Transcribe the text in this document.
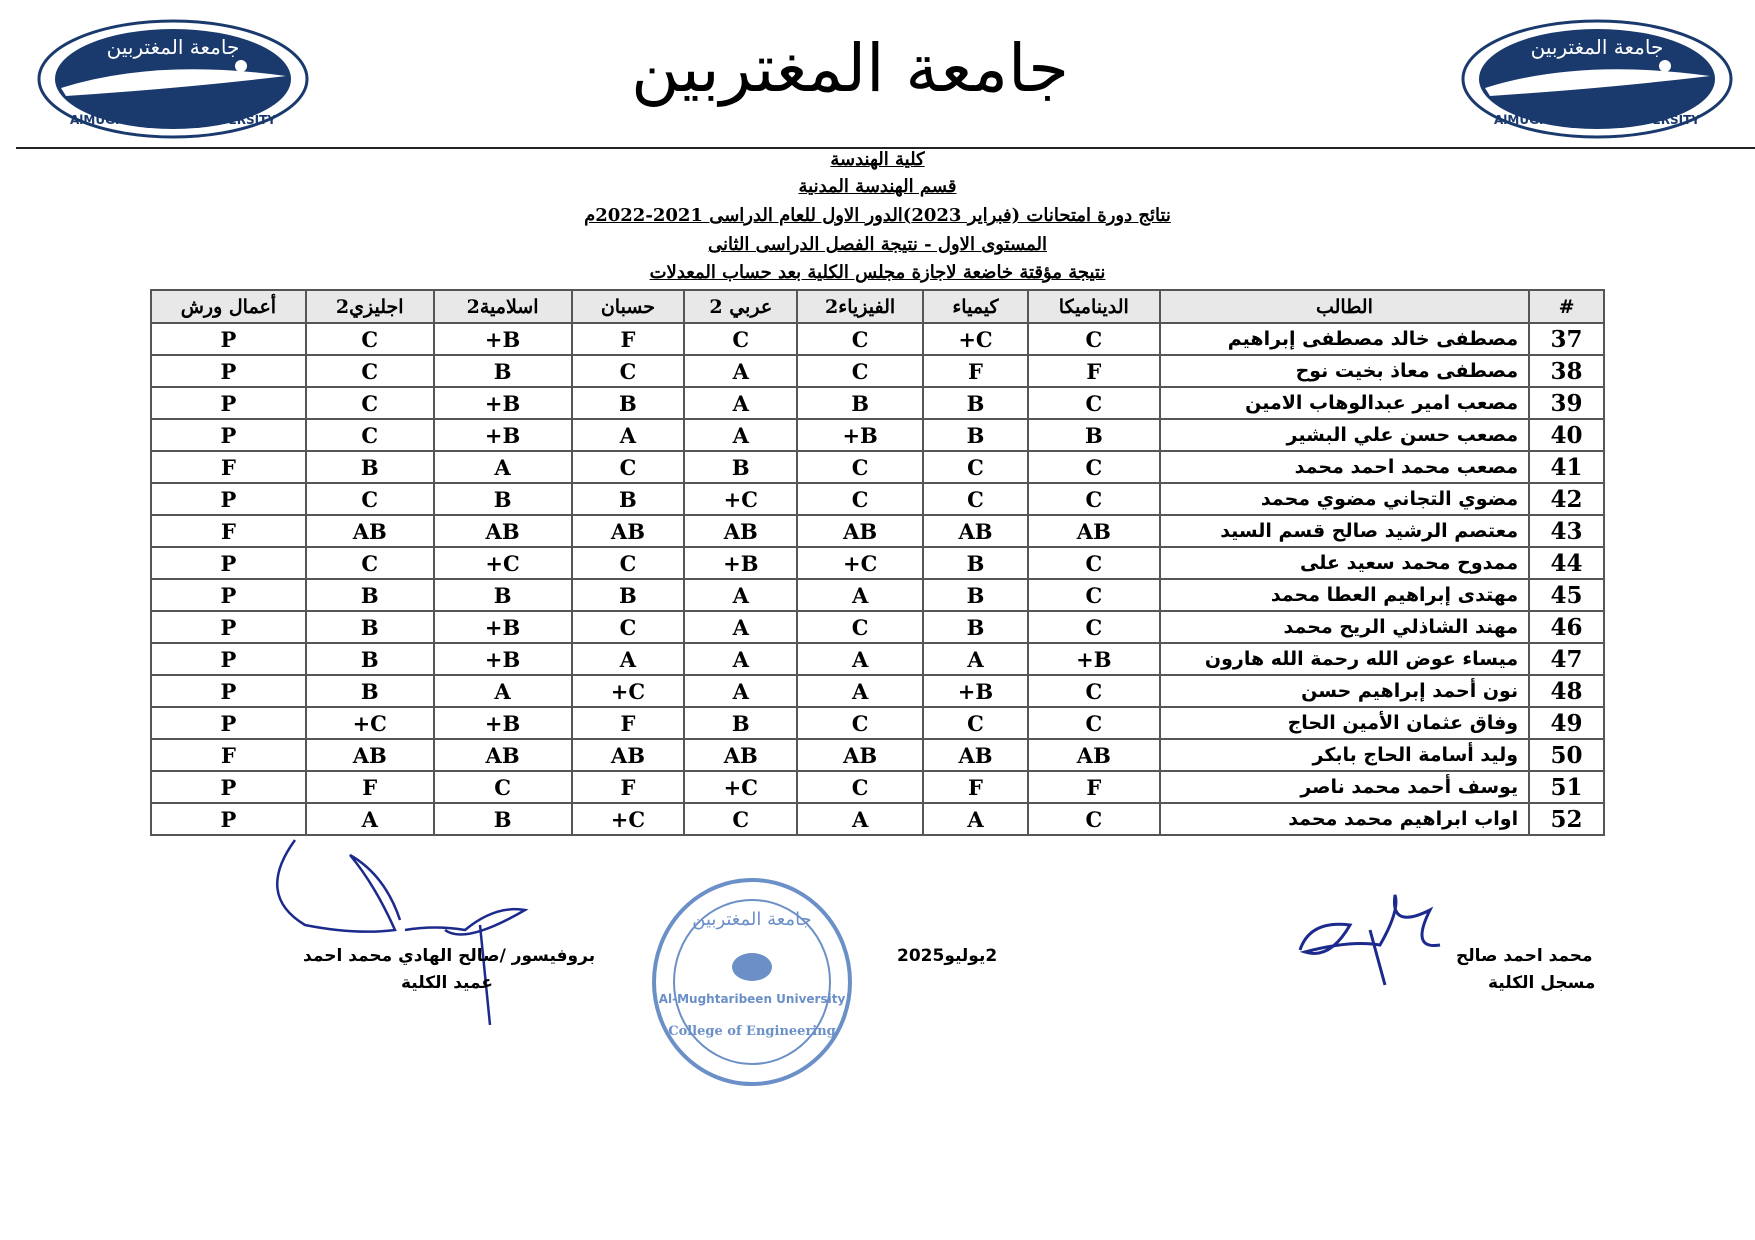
جامعة المغتربين
AlMUGHTARIBEEN UNIVERSITY
جامعة المغتربين
AlMUGHTARIBEEN UNIVERSITY
جامعة المغتربين
كلية الهندسة
قسم الهندسة المدنية
نتائج دورة امتحانات (فبراير 2023)الدور الاول للعام الدراسى 2021-2022م
المستوى الاول - نتيجة الفصل الدراسى الثانى
نتيجة مؤقتة خاضعة لاجازة مجلس الكلية بعد حساب المعدلات
#	الطالب	الديناميكا	كيمياء	الفيزياء2	عربي 2	حسبان	اسلامية2	اجليزي2	أعمال ورش
37	مصطفى خالد مصطفى إبراهيم	C	C+	C	C	F	B+	C	P
38	مصطفى معاذ بخيت نوح	F	F	C	A	C	B	C	P
39	مصعب امير عبدالوهاب الامين	C	B	B	A	B	B+	C	P
40	مصعب حسن علي البشير	B	B	B+	A	A	B+	C	P
41	مصعب محمد احمد محمد	C	C	C	B	C	A	B	F
42	مضوي التجاني مضوي محمد	C	C	C	C+	B	B	C	P
43	معتصم الرشيد صالح قسم السيد	AB	AB	AB	AB	AB	AB	AB	F
44	ممدوح محمد سعيد على	C	B	C+	B+	C	C+	C	P
45	مهتدى إبراهيم العطا محمد	C	B	A	A	B	B	B	P
46	مهند الشاذلي الريح محمد	C	B	C	A	C	B+	B	P
47	ميساء عوض الله رحمة الله هارون	B+	A	A	A	A	B+	B	P
48	نون أحمد إبراهيم حسن	C	B+	A	A	C+	A	B	P
49	وفاق عثمان الأمين الحاج	C	C	C	B	F	B+	C+	P
50	وليد أسامة الحاج بابكر	AB	AB	AB	AB	AB	AB	AB	F
51	يوسف أحمد محمد ناصر	F	F	C	C+	F	C	F	P
52	اواب ابراهيم محمد محمد	C	A	A	C	C+	B	A	P
محمد احمد صالح
مسجل الكلية
2يوليو2025
جامعة المغتربين
Al-Mughtaribeen University
College of Engineering
بروفيسور /صالح الهادي محمد احمد
عميد الكلية
